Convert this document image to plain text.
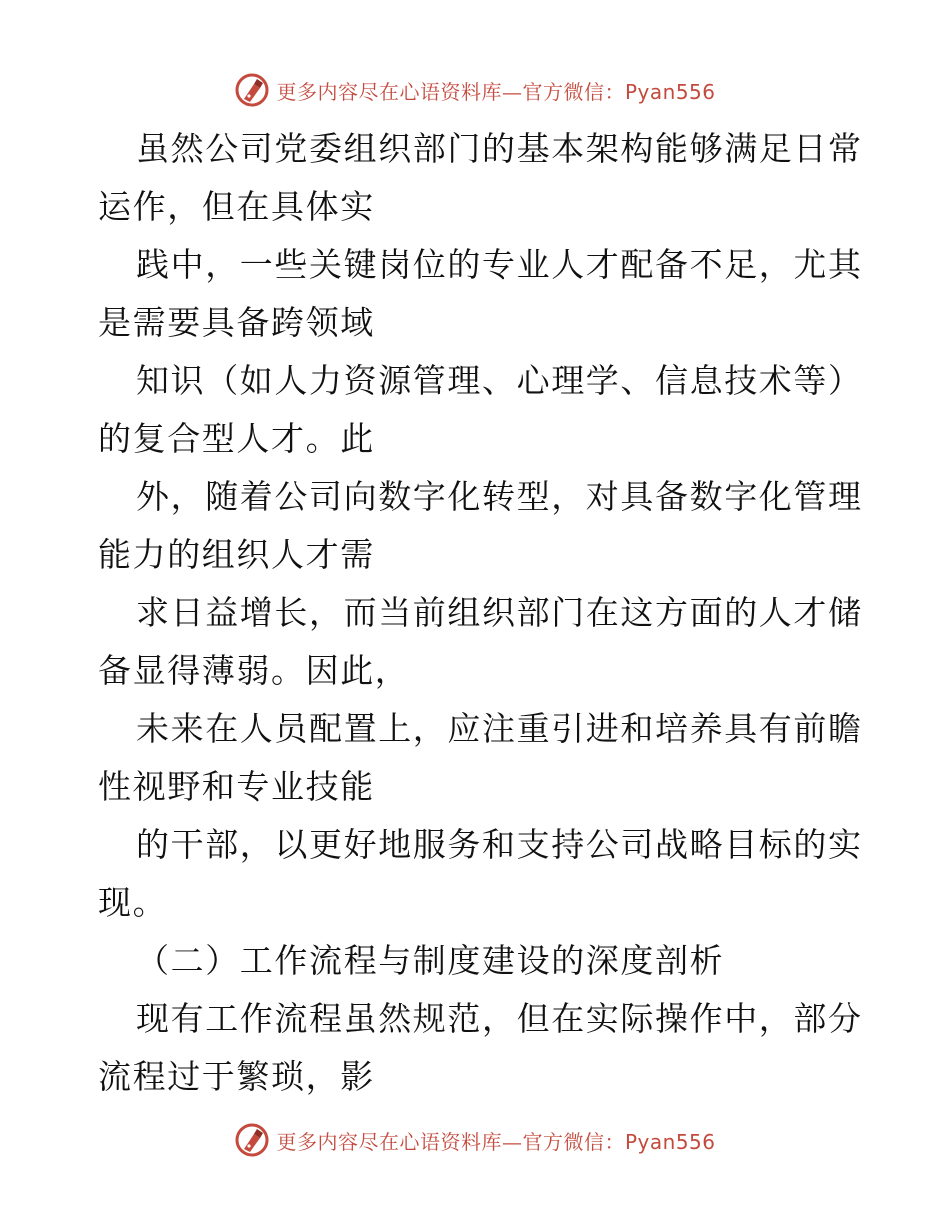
更多内容尽在心语资料库—官方微信：Pyan556
虽然公司党委组织部门的基本架构能够满足日常
运作，但在具体实
践中，一些关键岗位的专业人才配备不足，尤其
是需要具备跨领域
知识（如人力资源管理、心理学、信息技术等）
的复合型人才。此
外，随着公司向数字化转型，对具备数字化管理
能力的组织人才需
求日益增长，而当前组织部门在这方面的人才储
备显得薄弱。因此，
未来在人员配置上，应注重引进和培养具有前瞻
性视野和专业技能
的干部，以更好地服务和支持公司战略目标的实
现。
（二）工作流程与制度建设的深度剖析
现有工作流程虽然规范，但在实际操作中，部分
流程过于繁琐，影
更多内容尽在心语资料库—官方微信：Pyan556
